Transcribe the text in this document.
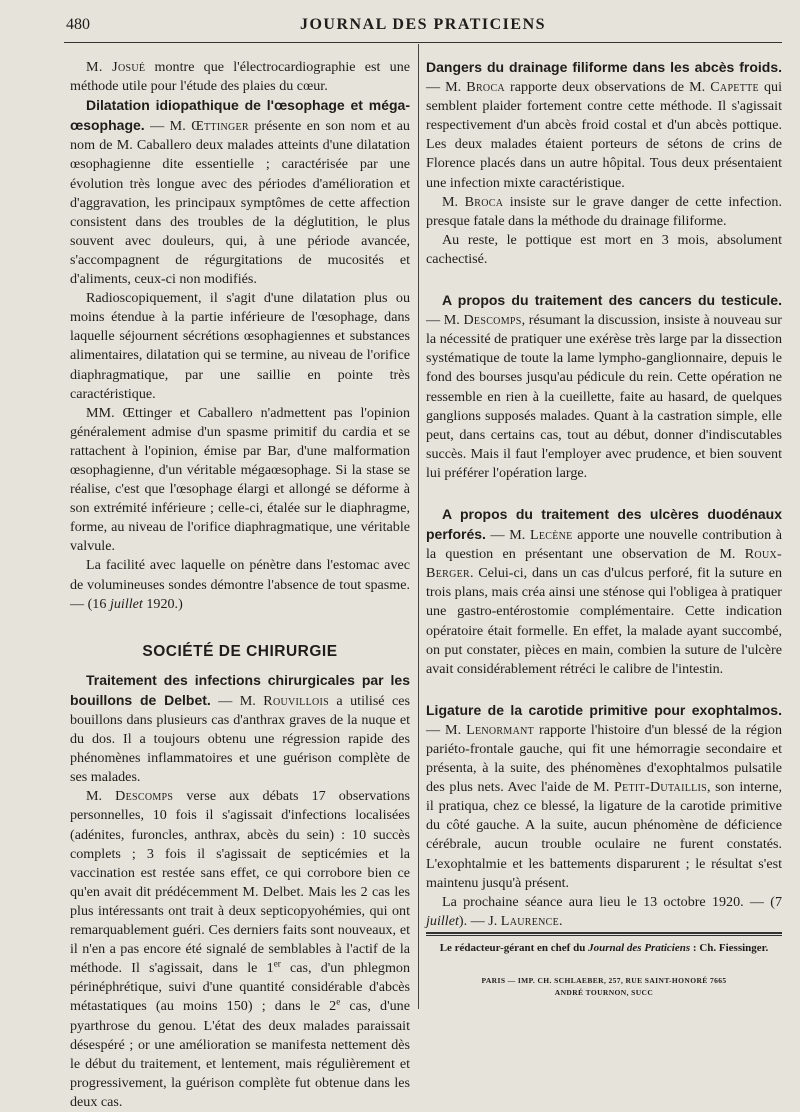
480	JOURNAL DES PRATICIENS

M. Josué montre que l'électrocardiographie est une méthode utile pour l'étude des plaies du cœur.

Dilatation idiopathique de l'œsophage et méga-œsophage. — M. Œttinger présente en son nom et au nom de M. Caballero deux malades atteints d'une dilatation œsophagienne dite essentielle ; caractérisée par une évolution très longue avec des périodes d'amélioration et d'aggravation, les principaux symptômes de cette affection consistent dans des troubles de la déglutition, le plus souvent avec douleurs, qui, à une période avancée, s'accompagnent de régurgitations de mucosités et d'aliments, ceux-ci non modifiés.

Radioscopiquement, il s'agit d'une dilatation plus ou moins étendue à la partie inférieure de l'œsophage, dans laquelle séjournent sécrétions œsophagiennes et substances alimentaires, dilatation qui se termine, au niveau de l'orifice diaphragmatique, par une saillie en pointe très caractéristique.

MM. Œttinger et Caballero n'admettent pas l'opinion généralement admise d'un spasme primitif du cardia et se rattachent à l'opinion, émise par Bar, d'une malformation œsophagienne, d'un véritable mégaœsophage. Si la stase se réalise, c'est que l'œsophage élargi et allongé se déforme à son extrémité inférieure ; celle-ci, étalée sur le diaphragme, forme, au niveau de l'orifice diaphragmatique, une véritable valvule.

La facilité avec laquelle on pénètre dans l'estomac avec de volumineuses sondes démontre l'absence de tout spasme. — (16 juillet 1920.)

SOCIÉTÉ DE CHIRURGIE

Traitement des infections chirurgicales par les bouillons de Delbet. — M. Rouvillois a utilisé ces bouillons dans plusieurs cas d'anthrax graves de la nuque et du dos. Il a toujours obtenu une régression rapide des phénomènes inflammatoires et une guérison complète de ses malades.

M. Descomps verse aux débats 17 observations personnelles, 10 fois il s'agissait d'infections localisées (adénites, furoncles, anthrax, abcès du sein) : 10 succès complets ; 3 fois il s'agissait de septicémies et la vaccination est restée sans effet, ce qui corrobore bien ce qu'en avait dit prédécemment M. Delbet. Mais les 2 cas les plus intéressants ont trait à deux septicopyohémies, qui ont remarquablement guéri. Ces derniers faits sont nouveaux, et il n'en a pas encore été signalé de semblables à l'actif de la méthode. Il s'agissait, dans le 1er cas, d'un phlegmon périnéphrétique, suivi d'une quantité considérable d'abcès métastatiques (au moins 150) ; dans le 2e cas, d'une pyarthrose du genou. L'état des deux malades paraissait désespéré ; or une amélioration se manifesta nettement dès le début du traitement, et lentement, mais régulièrement et progressivement, la guérison complète fut obtenue dans les deux cas.

Dangers du drainage filiforme dans les abcès froids. — M. Broca rapporte deux observations de M. Capette qui semblent plaider fortement contre cette méthode. Il s'agissait respectivement d'un abcès froid costal et d'un abcès pottique. Les deux malades étaient porteurs de sétons de crins de Florence placés dans un autre hôpital. Tous deux présentaient une infection mixte caractéristique.

M. Broca insiste sur le grave danger de cette infection. presque fatale dans la méthode du drainage filiforme.

Au reste, le pottique est mort en 3 mois, absolument cachectisé.

A propos du traitement des cancers du testicule. — M. Descomps, résumant la discussion, insiste à nouveau sur la nécessité de pratiquer une exérèse très large par la dissection systématique de toute la lame lympho-ganglionnaire, depuis le fond des bourses jusqu'au pédicule du rein. Cette opération ne ressemble en rien à la cueillette, faite au hasard, de quelques ganglions supposés malades. Quant à la castration simple, elle peut, dans certains cas, tout au début, donner d'indiscutables succès. Mais il faut l'employer avec prudence, et bien souvent lui préférer l'opération large.

A propos du traitement des ulcères duodénaux perforés. — M. Lecène apporte une nouvelle contribution à la question en présentant une observation de M. Roux-Berger. Celui-ci, dans un cas d'ulcus perforé, fit la suture en trois plans, mais créa ainsi une sténose qui l'obligea à pratiquer une gastro-entérostomie complémentaire. Cette indication opératoire était formelle. En effet, la malade ayant succombé, on put constater, pièces en main, combien la suture de l'ulcère avait considérablement rétréci le calibre de l'intestin.

Ligature de la carotide primitive pour exophtalmos. — M. Lenormant rapporte l'histoire d'un blessé de la région pariéto-frontale gauche, qui fit une hémorragie secondaire et présenta, à la suite, des phénomènes d'exophtalmos pulsatile des plus nets. Avec l'aide de M. Petit-Dutaillis, son interne, il pratiqua, chez ce blessé, la ligature de la carotide primitive du côté gauche. A la suite, aucun phénomène de déficience cérébrale, aucun trouble oculaire ne furent constatés. L'exophtalmie et les battements disparurent ; le résultat s'est maintenu jusqu'à présent.

La prochaine séance aura lieu le 13 octobre 1920. — (7 juillet). — J. Laurence.

Le rédacteur-gérant en chef du Journal des Praticiens : Ch. Fiessinger.
PARIS — IMP. CH. SCHLAEBER, 257, RUE SAINT-HONORÉ 7665
ANDRÉ TOURNON, SUCC
